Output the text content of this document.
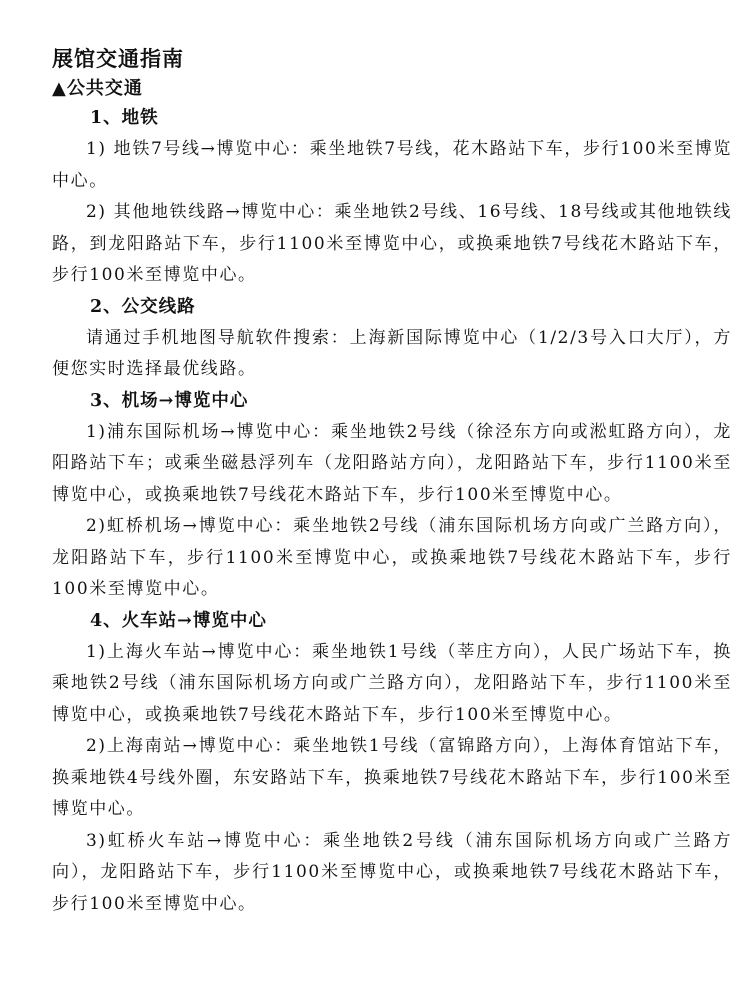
展馆交通指南

▲公共交通

1、地铁

1) 地铁7号线→博览中心：乘坐地铁7号线，花木路站下车，步行100米至博览中心。

2) 其他地铁线路→博览中心：乘坐地铁2号线、16号线、18号线或其他地铁线路，到龙阳路站下车，步行1100米至博览中心，或换乘地铁7号线花木路站下车，步行100米至博览中心。

2、公交线路

请通过手机地图导航软件搜索：上海新国际博览中心（1/2/3号入口大厅），方便您实时选择最优线路。

3、机场→博览中心

1)浦东国际机场→博览中心：乘坐地铁2号线（徐泾东方向或淞虹路方向），龙阳路站下车；或乘坐磁悬浮列车（龙阳路站方向），龙阳路站下车，步行1100米至博览中心，或换乘地铁7号线花木路站下车，步行100米至博览中心。

2)虹桥机场→博览中心：乘坐地铁2号线（浦东国际机场方向或广兰路方向），龙阳路站下车，步行1100米至博览中心，或换乘地铁7号线花木路站下车，步行100米至博览中心。

4、火车站→博览中心

1)上海火车站→博览中心：乘坐地铁1号线（莘庄方向），人民广场站下车，换乘地铁2号线（浦东国际机场方向或广兰路方向），龙阳路站下车，步行1100米至博览中心，或换乘地铁7号线花木路站下车，步行100米至博览中心。

2)上海南站→博览中心：乘坐地铁1号线（富锦路方向），上海体育馆站下车，换乘地铁4号线外圈，东安路站下车，换乘地铁7号线花木路站下车，步行100米至博览中心。

3)虹桥火车站→博览中心：乘坐地铁2号线（浦东国际机场方向或广兰路方向），龙阳路站下车，步行1100米至博览中心，或换乘地铁7号线花木路站下车，步行100米至博览中心。
